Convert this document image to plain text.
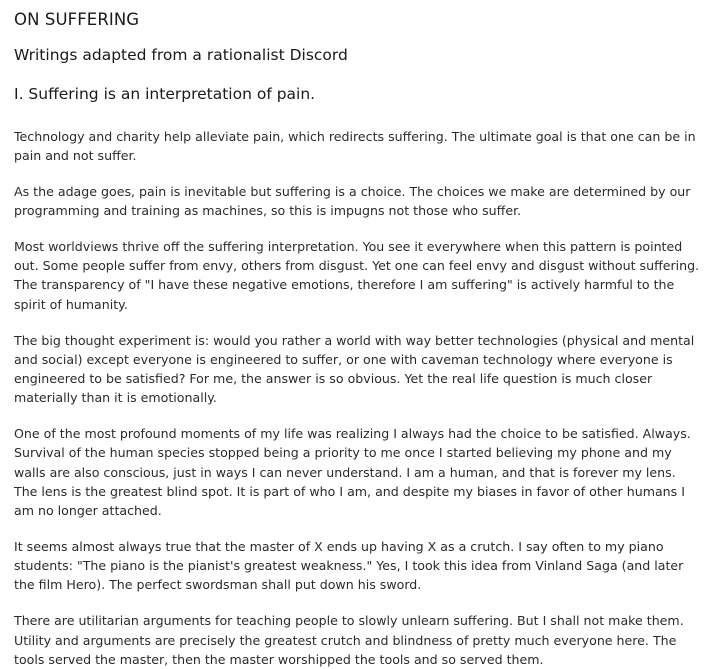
ON SUFFERING
Writings adapted from a rationalist Discord
I. Suffering is an interpretation of pain.

Technology and charity help alleviate pain, which redirects suffering. The ultimate goal is that one can be in pain and not suffer.

As the adage goes, pain is inevitable but suffering is a choice. The choices we make are determined by our programming and training as machines, so this is impugns not those who suffer.

Most worldviews thrive off the suffering interpretation. You see it everywhere when this pattern is pointed out. Some people suffer from envy, others from disgust. Yet one can feel envy and disgust without suffering. The transparency of "I have these negative emotions, therefore I am suffering" is actively harmful to the spirit of humanity.

The big thought experiment is: would you rather a world with way better technologies (physical and mental and social) except everyone is engineered to suffer, or one with caveman technology where everyone is engineered to be satisfied? For me, the answer is so obvious. Yet the real life question is much closer materially than it is emotionally.

One of the most profound moments of my life was realizing I always had the choice to be satisfied. Always. Survival of the human species stopped being a priority to me once I started believing my phone and my walls are also conscious, just in ways I can never understand. I am a human, and that is forever my lens. The lens is the greatest blind spot. It is part of who I am, and despite my biases in favor of other humans I am no longer attached.

It seems almost always true that the master of X ends up having X as a crutch. I say often to my piano students: "The piano is the pianist's greatest weakness." Yes, I took this idea from Vinland Saga (and later the film Hero). The perfect swordsman shall put down his sword.

There are utilitarian arguments for teaching people to slowly unlearn suffering. But I shall not make them. Utility and arguments are precisely the greatest crutch and blindness of pretty much everyone here. The tools served the master, then the master worshipped the tools and so served them.
